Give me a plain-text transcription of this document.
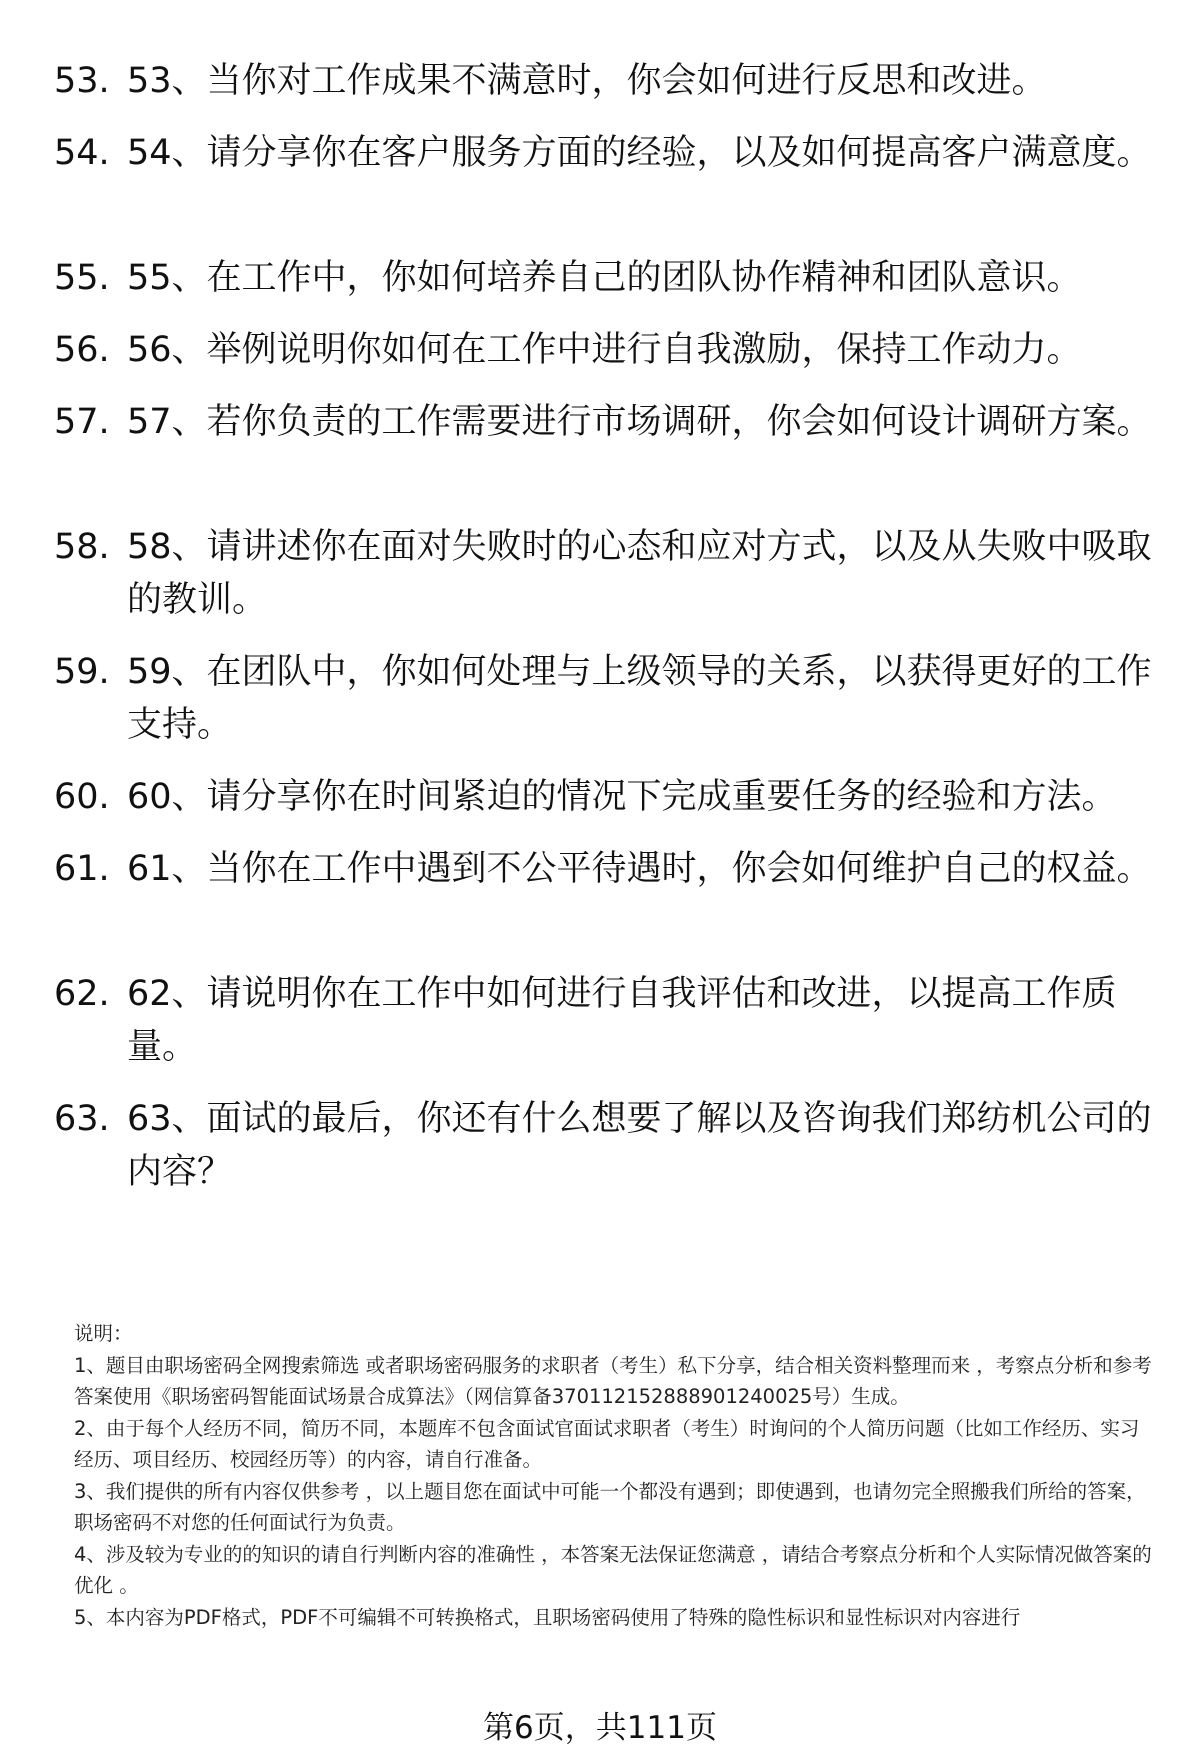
53. 53、当你对工作成果不满意时，你会如何进行反思和改进。
54. 54、请分享你在客户服务方面的经验，以及如何提高客户满意度。
55. 55、在工作中，你如何培养自己的团队协作精神和团队意识。
56. 56、举例说明你如何在工作中进行自我激励，保持工作动力。
57. 57、若你负责的工作需要进行市场调研，你会如何设计调研方案。
58. 58、请讲述你在面对失败时的心态和应对方式，以及从失败中吸取的教训。
59. 59、在团队中，你如何处理与上级领导的关系，以获得更好的工作支持。
60. 60、请分享你在时间紧迫的情况下完成重要任务的经验和方法。
61. 61、当你在工作中遇到不公平待遇时，你会如何维护自己的权益。
62. 62、请说明你在工作中如何进行自我评估和改进，以提高工作质量。
63. 63、面试的最后，你还有什么想要了解以及咨询我们郑纺机公司的内容？

说明：

1、题目由职场密码全网搜索筛选 或者职场密码服务的求职者（考生）私下分享，结合相关资料整理而来 ，考察点分析和参考答案使用《职场密码智能面试场景合成算法》（网信算备370112152888901240025号）生成。

2、由于每个人经历不同，简历不同，本题库不包含面试官面试求职者（考生）时询问的个人简历问题（比如工作经历、实习经历、项目经历、校园经历等）的内容，请自行准备。

3、我们提供的所有内容仅供参考 ，以上题目您在面试中可能一个都没有遇到；即使遇到，也请勿完全照搬我们所给的答案，职场密码不对您的任何面试行为负责。

4、涉及较为专业的的知识的请自行判断内容的准确性 ，本答案无法保证您满意 ，请结合考察点分析和个人实际情况做答案的优化 。

5、本内容为PDF格式，PDF不可编辑不可转换格式，且职场密码使用了特殊的隐性标识和显性标识对内容进行

第6页，共111页
